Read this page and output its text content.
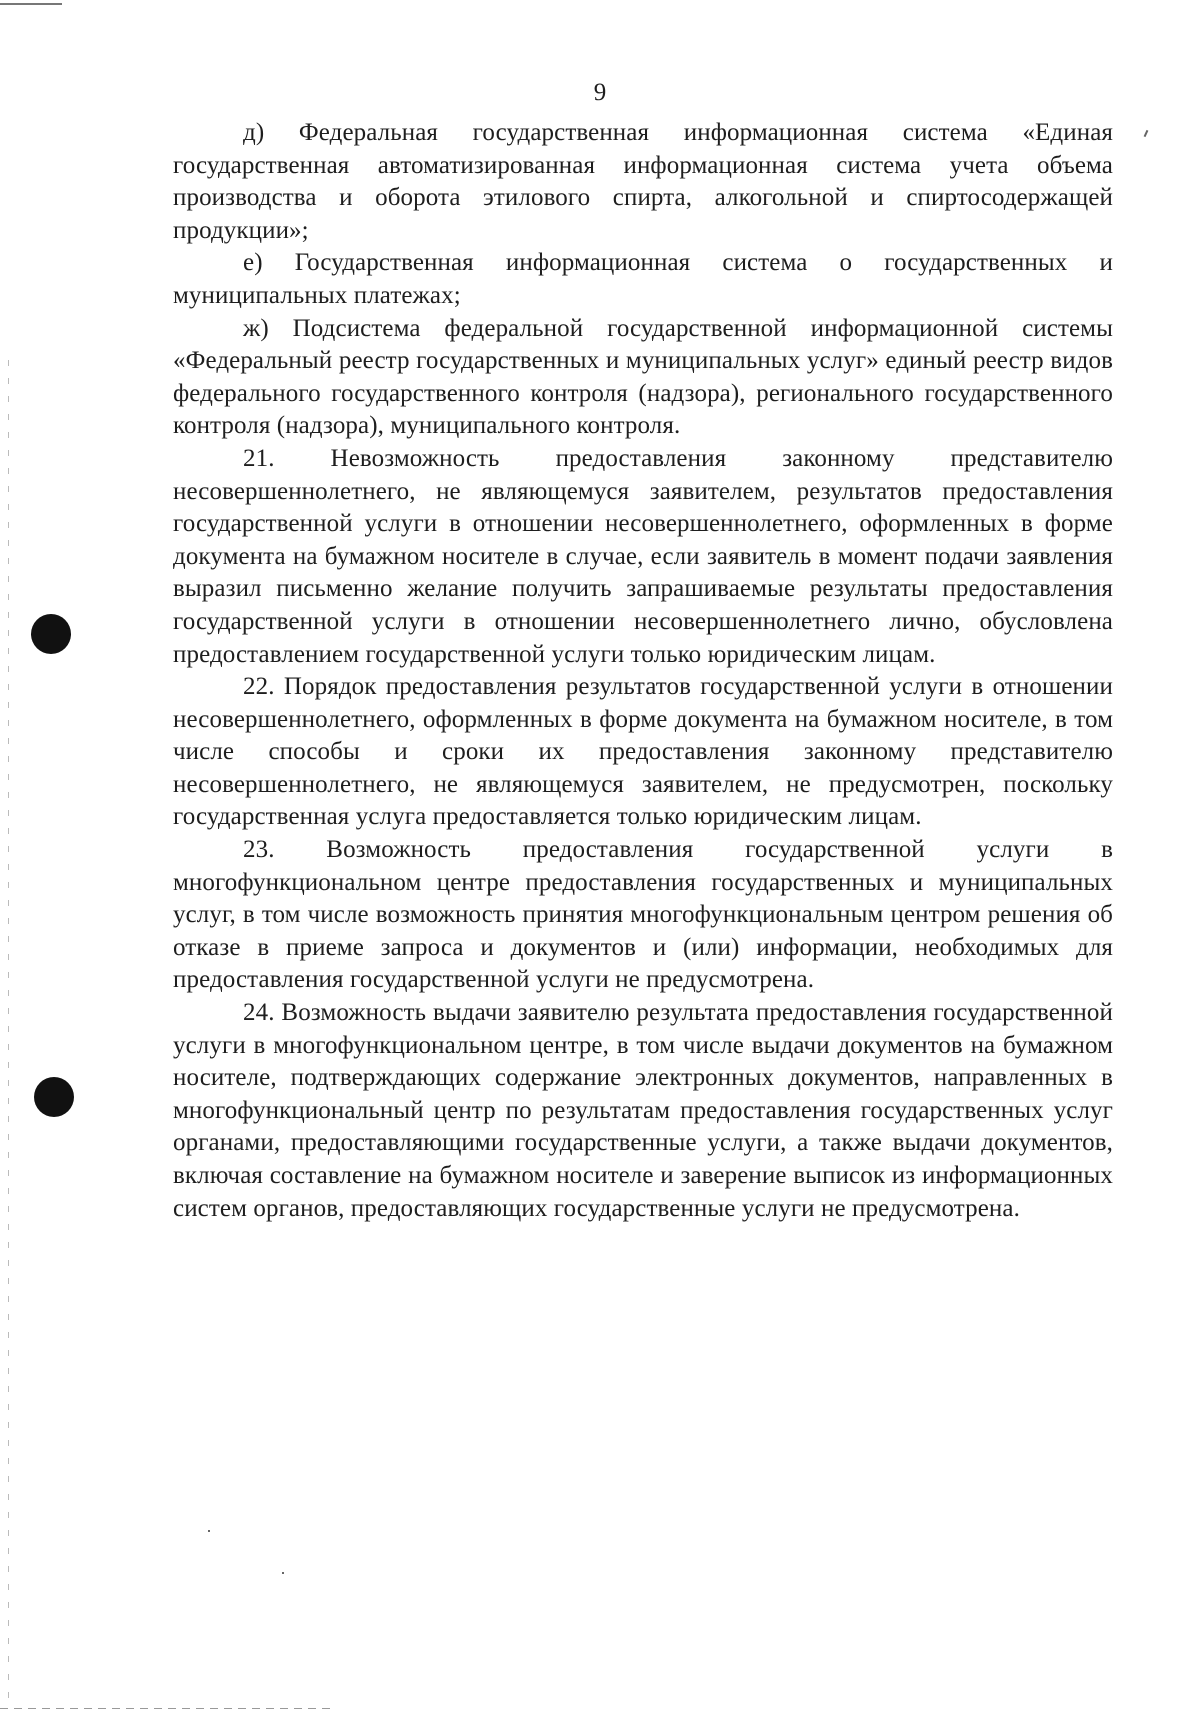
9

д) Федеральная государственная информационная система «Единая государственная автоматизированная информационная система учета объема производства и оборота этилового спирта, алкогольной и спиртосодержащей продукции»;

е) Государственная информационная система о государственных и муниципальных платежах;

ж) Подсистема федеральной государственной информационной системы «Федеральный реестр государственных и муниципальных услуг» единый реестр видов федерального государственного контроля (надзора), регионального государственного контроля (надзора), муниципального контроля.

21. Невозможность предоставления законному представителю несовершеннолетнего, не являющемуся заявителем, результатов предоставления государственной услуги в отношении несовершеннолетнего, оформленных в форме документа на бумажном носителе в случае, если заявитель в момент подачи заявления выразил письменно желание получить запрашиваемые результаты предоставления государственной услуги в отношении несовершеннолетнего лично, обусловлена предоставлением государственной услуги только юридическим лицам.

22. Порядок предоставления результатов государственной услуги в отношении несовершеннолетнего, оформленных в форме документа на бумажном носителе, в том числе способы и сроки их предоставления законному представителю несовершеннолетнего, не являющемуся заявителем, не предусмотрен, поскольку государственная услуга предоставляется только юридическим лицам.

23. Возможность предоставления государственной услуги в многофункциональном центре предоставления государственных и муниципальных услуг, в том числе возможность принятия многофункциональным центром решения об отказе в приеме запроса и документов и (или) информации, необходимых для предоставления государственной услуги не предусмотрена.

24. Возможность выдачи заявителю результата предоставления государственной услуги в многофункциональном центре, в том числе выдачи документов на бумажном носителе, подтверждающих содержание электронных документов, направленных в многофункциональный центр по результатам предоставления государственных услуг органами, предоставляющими государственные услуги, а также выдачи документов, включая составление на бумажном носителе и заверение выписок из информационных систем органов, предоставляющих государственные услуги не предусмотрена.
